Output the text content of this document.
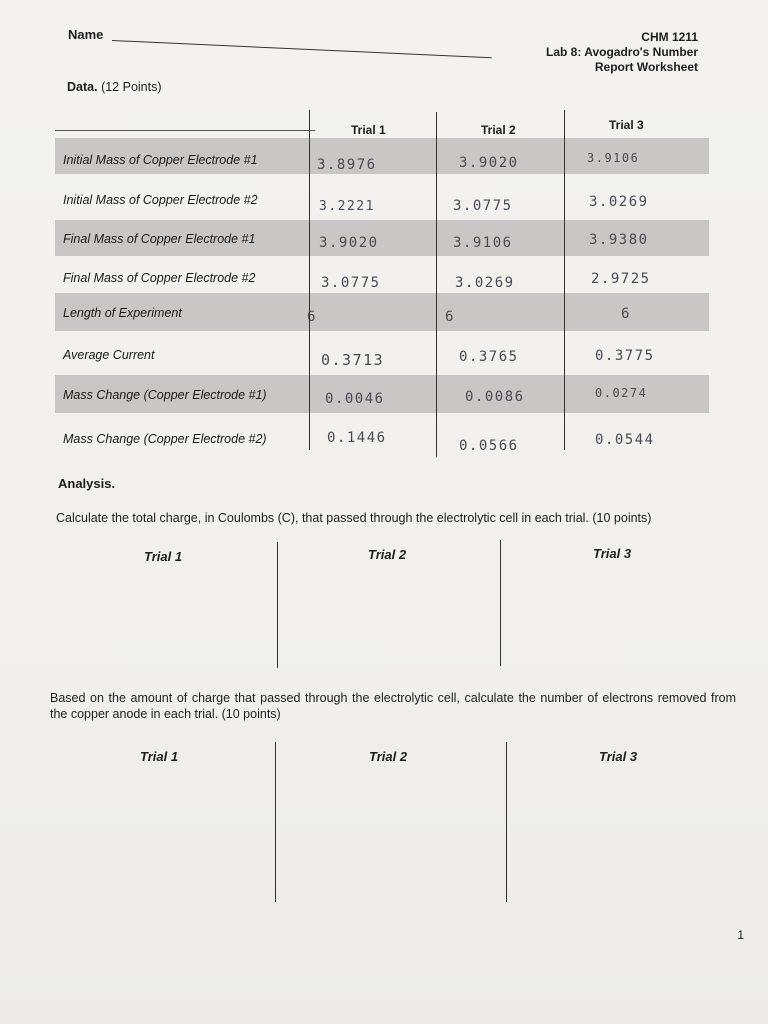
Name	CHM 1211
Lab 8: Avogadro's Number
Report Worksheet
Data. (12 Points)
Trial 1	Trial 2	Trial 3
Initial Mass of Copper Electrode #1	3.8976	3.9020	3.9106
Initial Mass of Copper Electrode #2	3.2221	3.0775	3.0269
Final Mass of Copper Electrode #1	3.9020	3.9106	3.9380
Final Mass of Copper Electrode #2	3.0775	3.0269	2.9725
Length of Experiment	6	6	6
Average Current	0.3713	0.3765	0.3775
Mass Change (Copper Electrode #1)	0.0046	0.0086	0.0274
Mass Change (Copper Electrode #2)	0.1446	0.0566	0.0544
Analysis.
Calculate the total charge, in Coulombs (C), that passed through the electrolytic cell in each trial. (10 points)
Trial 1	Trial 2	Trial 3
Based on the amount of charge that passed through the electrolytic cell, calculate the number of electrons removed from the copper anode in each trial. (10 points)
Trial 1	Trial 2	Trial 3
1
